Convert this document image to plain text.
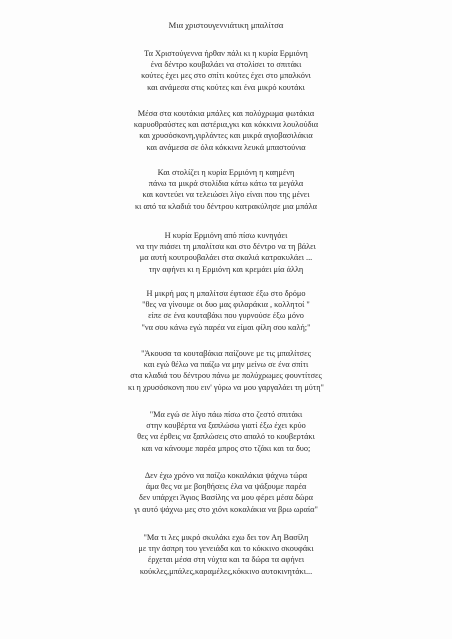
Μια χριστουγεννιάτικη μπαλίτσα
Τα Χριστούγεννα ήρθαν πάλι κι η κυρία Ερμιόνη
ένα δέντρο κουβαλάει να στολίσει το σπιτάκι
κούτες έχει μες στο σπίτι κούτες έχει στο μπαλκόνι
και ανάμεσα στις κούτες και ένα μικρό κουτάκι
Μέσα στα κουτάκια μπάλες και πολύχρωμα φωτάκια
καρυοθραύστες και αστέρια,γκι και κόκκινα λουλούδια
και χρυσόσκονη,γιρλάντες και μικρά αγιοβασιλάκια
και ανάμεσα σε όλα κόκκινα λευκά μπαστούνια
Και στολίζει η κυρία Ερμιόνη η καημένη
πάνω τα μικρά στολίδια κάτω κάτω τα μεγάλα
και κοντεύει να τελειώσει λίγο είναι που της μένει
κι από τα κλαδιά του δέντρου κατρακύλησε μια μπάλα
Η κυρία Ερμιόνη από πίσω κυνηγάει
να την πιάσει τη μπαλίτσα και στο δέντρο να τη βάλει
μα αυτή κουτρουβαλάει στα σκαλιά κατρακυλάει ...
την αφήνει κι η Ερμιόνη και κρεμάει μία άλλη
Η μικρή μας η μπαλίτσα έφτασε έξω στο δρόμο
"θες να γίνουμε οι δυο μας φιλαράκια , κολλητοί "
είπε σε ένα κουταβάκι που γυρνούσε έξω μόνο
"να σου κάνω εγώ παρέα να είμαι φίλη σου καλή;"
"Άκουσα τα κουταβάκια παίζουνε με τις μπαλίτσες
και εγώ θέλω να παίζω να μην μείνω σε ένα σπίτι
στα κλαδιά του δέντρου πάνω με πολύχρωμες φουντίτσες
κι η χρυσόσκονη που ειν' γύρω να μου γαργαλάει τη μύτη"
"Μα εγώ σε λίγο πάω πίσω στο ζεστό σπιτάκι
στην κουβέρτα να ξαπλώσω γιατί έξω έχει κρύο
θες να έρθεις να ξαπλώσεις στο απαλό το κουβερτάκι
και να κάνουμε παρέα μπρος στο τζάκι και τα δυο;
Δεν έχω χρόνο να παίζω κοκαλάκια ψάχνω τώρα
άμα θες να με βοηθήσεις έλα να ψάξουμε παρέα
δεν υπάρχει Άγιος Βασίλης να μου φέρει μέσα δώρα
γι αυτό ψάχνω μες στο χιόνι κοκαλάκια να βρω ωραία"
"Μα τι λες μικρό σκυλάκι εχω δει τον Αη Βασίλη
με την άσπρη του γενειάδα και το κόκκινο σκουφάκι
έρχεται μέσα στη νύχτα και τα δώρα τα αφήνει
κούκλες,μπάλες,καραμέλες,κόκκινο αυτοκινητάκι...
